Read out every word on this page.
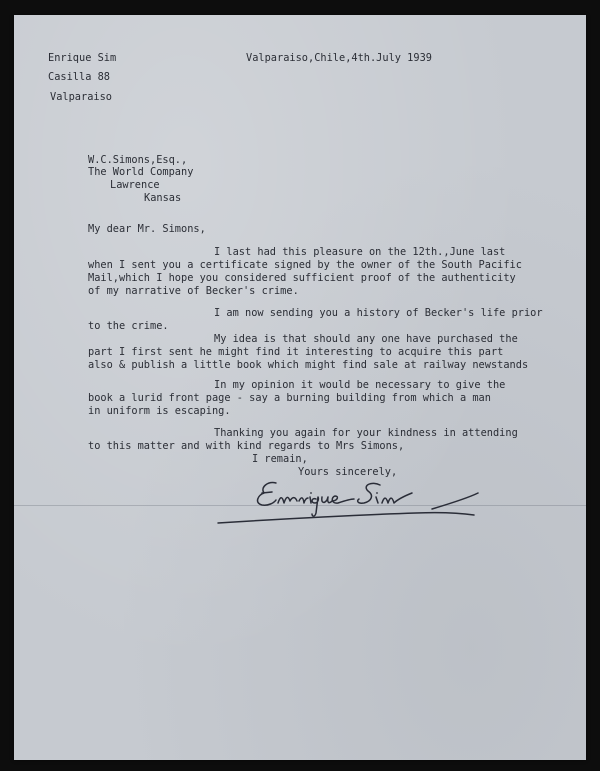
Enrique Sim
Casilla 88
Valparaiso
Valparaiso,Chile,4th.July 1939
W.C.Simons,Esq.,
The World Company
Lawrence
Kansas
My dear Mr. Simons,
I last had this pleasure on the 12th.,June last
when I sent you a certificate signed by the owner of the South Pacific
Mail,which I hope you considered sufficient proof of the authenticity
of my narrative of Becker's crime.
I am now sending you a history of Becker's life prior
to the crime.
My idea is that should any one have purchased the
part I first sent he might find it interesting to acquire this part
also & publish a little book which might find sale at railway newstands
In my opinion it would be necessary to give the
book a lurid front page - say a burning building from which a man
in uniform is escaping.
Thanking you again for your kindness in attending
to this matter and with kind regards to Mrs Simons,
I remain,
Yours sincerely,
